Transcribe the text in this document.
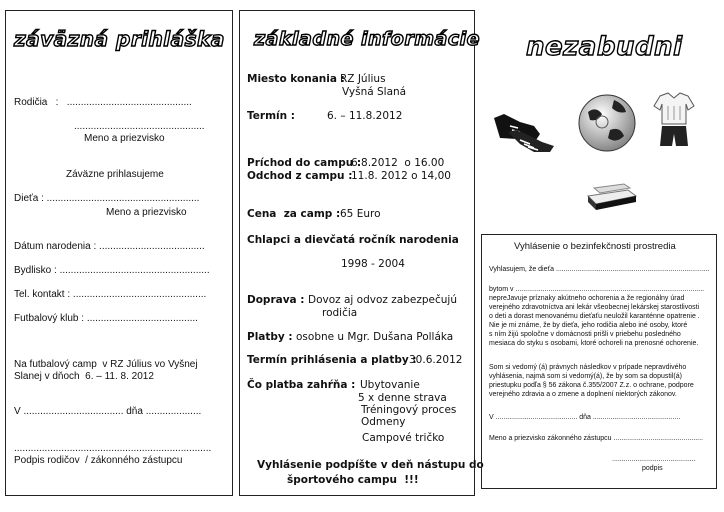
záväzná prihláška
Rodičia   :   .............................................
...............................................
Meno a priezvisko
Záväzne prihlasujeme
Dieťa : .......................................................
Meno a priezvisko
Dátum narodenia : ......................................
Bydlisko : ......................................................
Tel. kontakt : ................................................
Futbalový klub : ........................................
Na futbalový camp  v RZ Július vo Vyšnej
Slanej v dňoch  6. – 11. 8. 2012
V .................................... dňa ....................
.......................................................................
Podpis rodičov  / zákonného zástupcu
základné informácie
Miesto konania :
RZ Július
Vyšná Slaná
Termín :	6. – 11.8.2012
Príchod do campu :
6.8.2012  o 16.00
Odchod z campu :
11.8. 2012 o 14,00
Cena  za camp : 65 Euro
Chlapci a dievčatá ročník narodenia
1998 - 2004
Doprava : Dovoz aj odvoz zabezpečujú
rodičia
Platby : osobne u Mgr. Dušana Polláka
Termín prihlásenia a platby :
30.6.2012
Čo platba zahŕňa : Ubytovanie
5 x denne strava
Tréningový proces
Odmeny
Campové tričko
Vyhlásenie podpíšte v deň nástupu do
športového campu  !!!
nezabudni
Vyhlásenie o bezinfekčnosti prostredia
Vyhlasujem, že dieťa ...............................................................................
bytom v .................................................................................................
nepreJavuje príznaky akútneho ochorenia a že regionálny úrad
verejného zdravotníctva ani lekár všeobecnej lekárskej starostlivosti
o deti a dorast menovanému dieťaťu neuložil karanténne opatrenie .
Nie je mi známe, že by dieťa, jeho rodičia alebo iné osoby, ktoré
s ním žijú spoločne v domácnosti prišli v priebehu posledného
mesiaca do styku s osobami, ktoré ochoreli na prenosné ochorenie.
Som si vedomý (á) právnych následkov v prípade nepravdivého
vyhlásenia, najmä som si vedomý(á), že by som sa dopustil(á)
priestupku podľa § 56 zákona č.355/2007 Z.z. o ochrane, podpore
verejného zdravia a o zmene a doplnení niektorých zákonov.
V .......................................... dňa .............................................
Meno a priezvisko zákonného zástupcu ..............................................
...........................................
podpis
